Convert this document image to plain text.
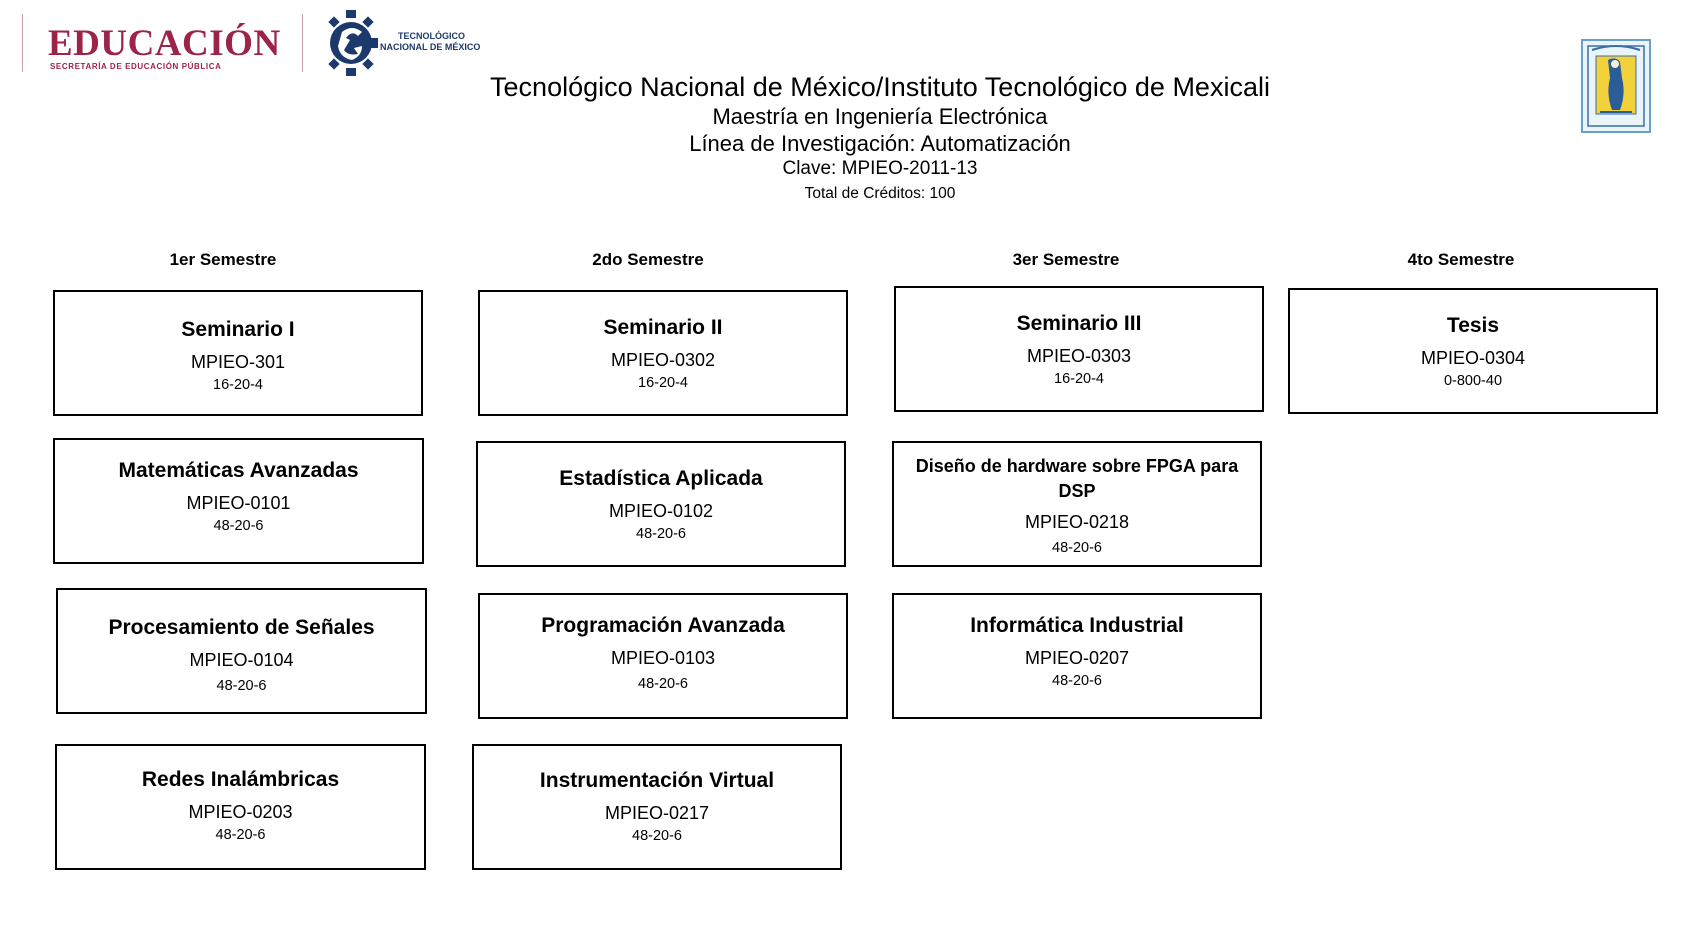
EDUCACIÓN
SECRETARÍA DE EDUCACIÓN PÚBLICA
TECNOLÓGICO
NACIONAL DE MÉXICO
Tecnológico Nacional de México/Instituto Tecnológico de Mexicali
Maestría en Ingeniería Electrónica
Línea de Investigación: Automatización
Clave: MPIEO-2011-13
Total de Créditos: 100
1er Semestre	2do Semestre	3er Semestre	4to Semestre
Seminario I
MPIEO-301
16-20-4
Matemáticas Avanzadas
MPIEO-0101
48-20-6
Procesamiento de Señales
MPIEO-0104
48-20-6
Redes Inalámbricas
MPIEO-0203
48-20-6
Seminario II
MPIEO-0302
16-20-4
Estadística Aplicada
MPIEO-0102
48-20-6
Programación Avanzada
MPIEO-0103
48-20-6
Instrumentación Virtual
MPIEO-0217
48-20-6
Seminario III
MPIEO-0303
16-20-4
Diseño de hardware sobre FPGA para DSP
MPIEO-0218
48-20-6
Informática Industrial
MPIEO-0207
48-20-6
Tesis
MPIEO-0304
0-800-40
